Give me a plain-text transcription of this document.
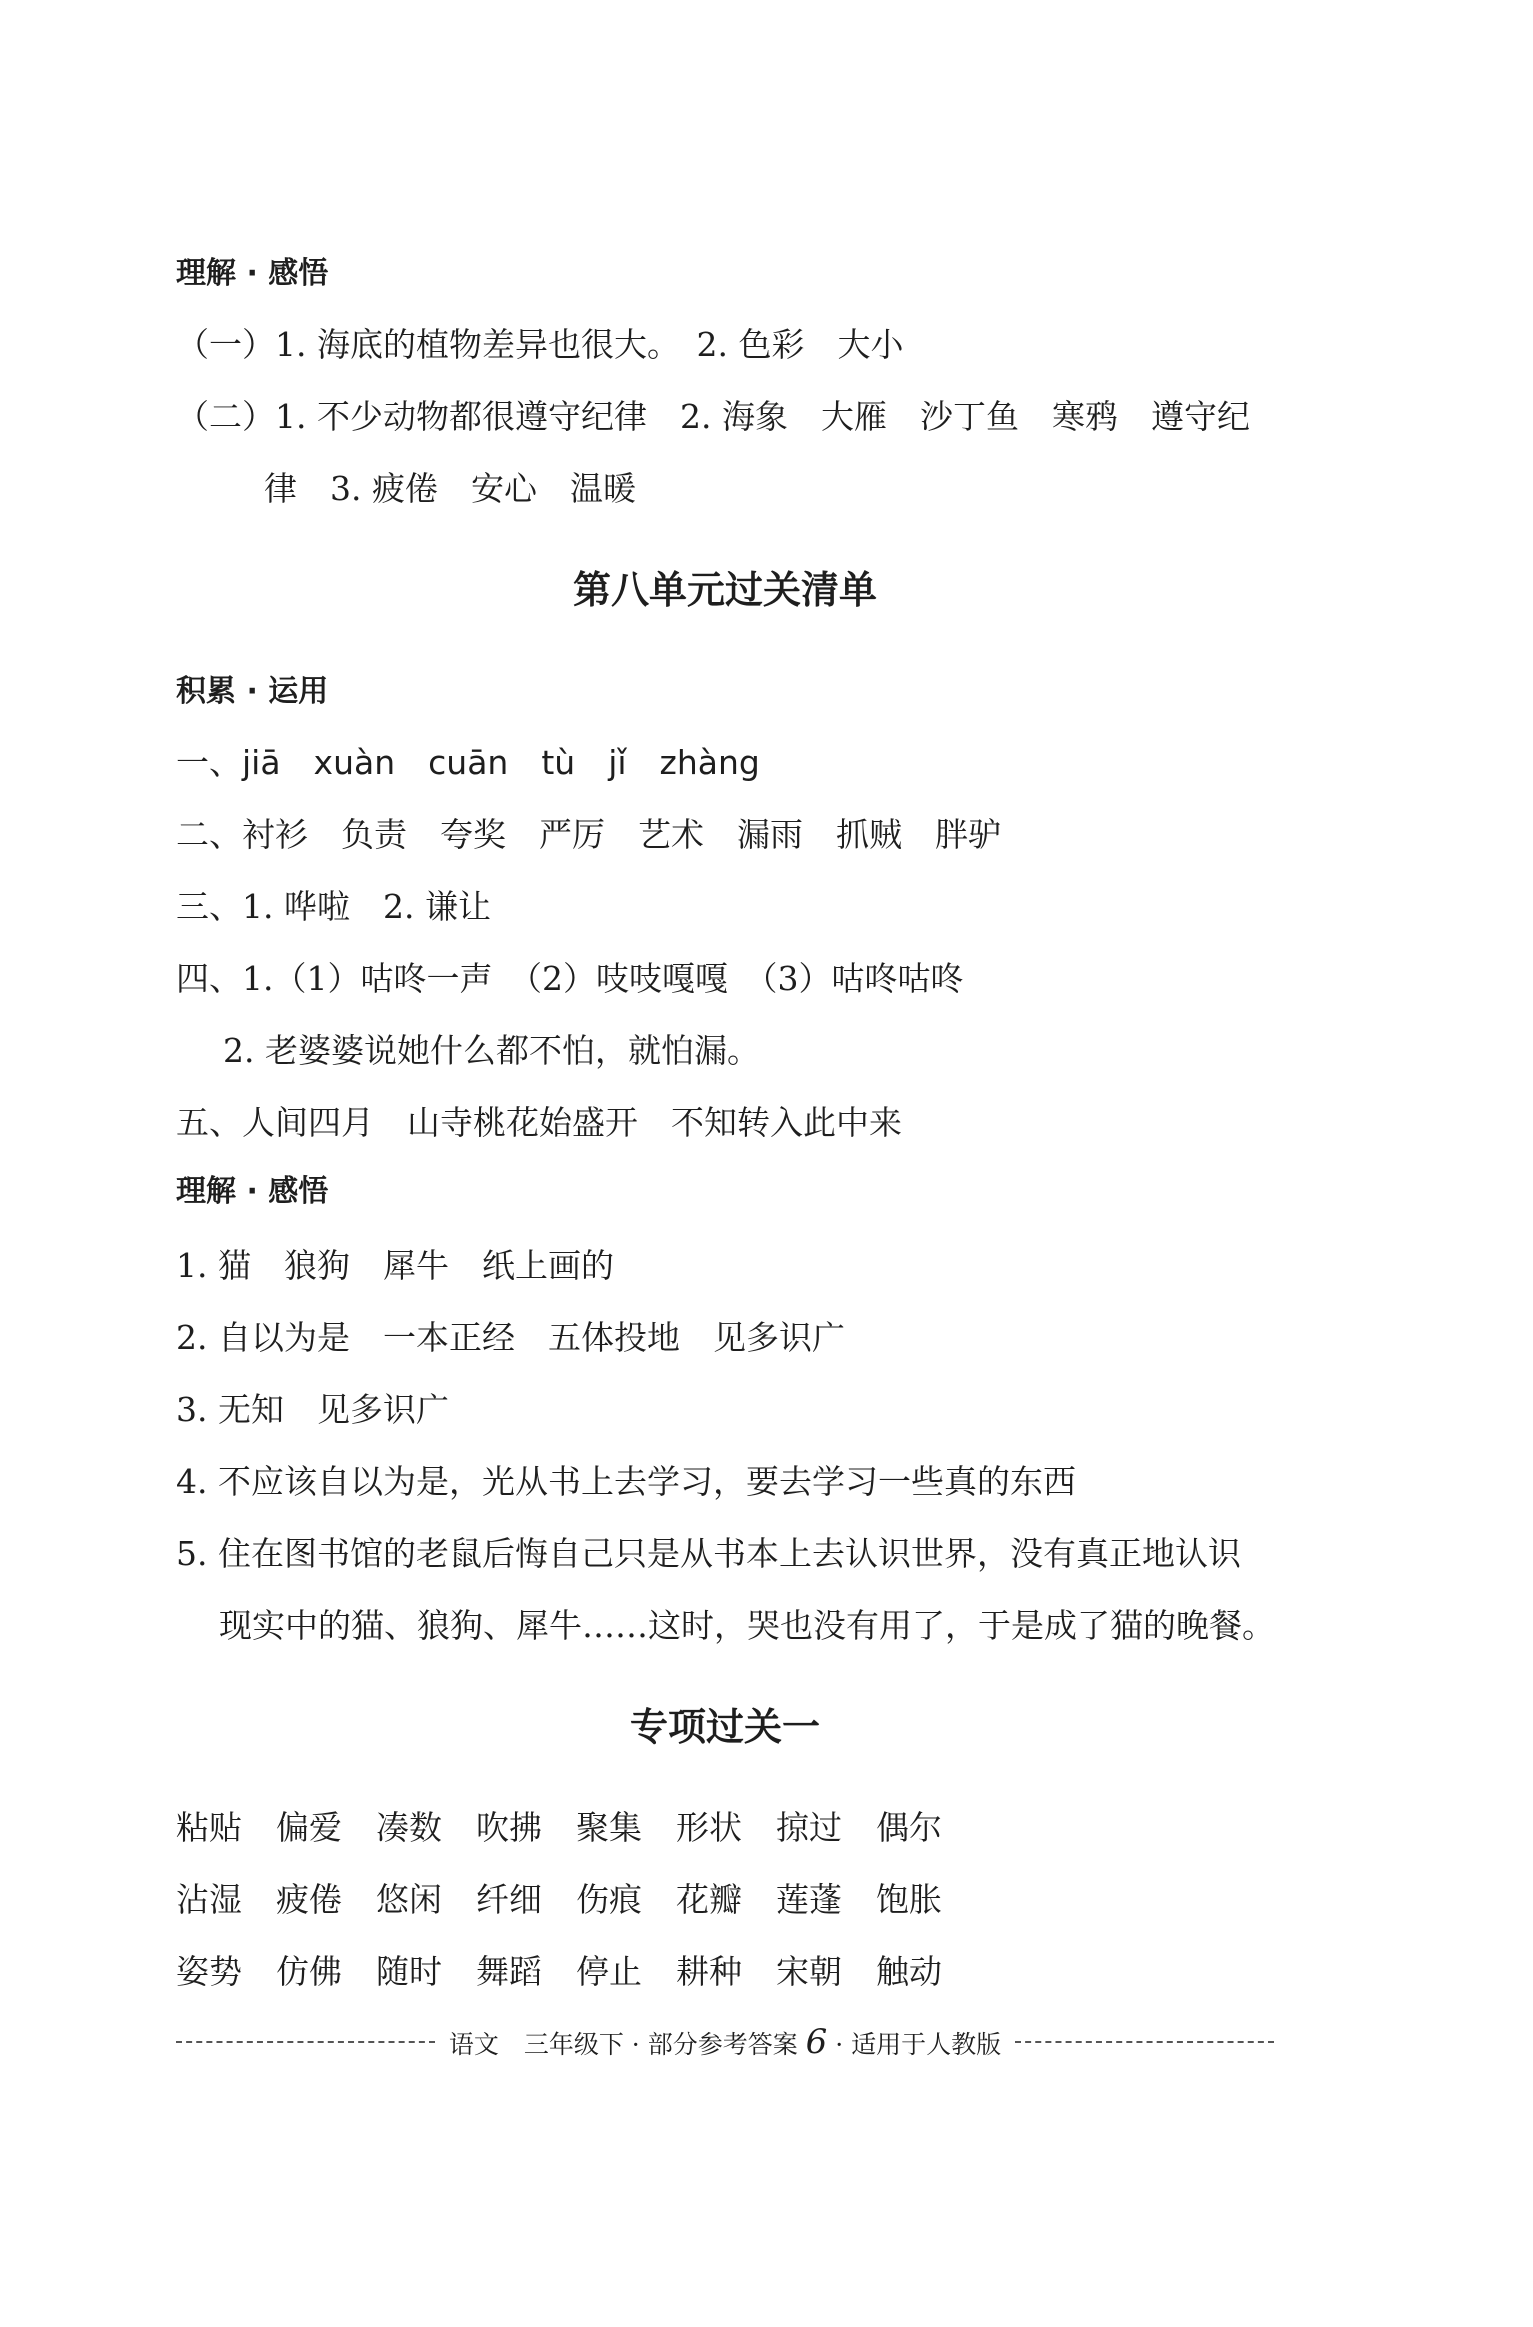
理解 · 感悟
（一）1. 海底的植物差异也很大。　2. 色彩　大小
（二）1. 不少动物都很遵守纪律　2. 海象　大雁　沙丁鱼　寒鸦　遵守纪
律　3. 疲倦　安心　温暖
第八单元过关清单
积累 · 运用
一、jiā　xuàn　cuān　tù　jǐ　zhàng
二、衬衫　负责　夸奖　严厉　艺术　漏雨　抓贼　胖驴
三、1. 哗啦　2. 谦让
四、1.（1）咕咚一声　（2）吱吱嘎嘎　（3）咕咚咕咚
2. 老婆婆说她什么都不怕，就怕漏。
五、人间四月　山寺桃花始盛开　不知转入此中来
理解 · 感悟
1. 猫　狼狗　犀牛　纸上画的
2. 自以为是　一本正经　五体投地　见多识广
3. 无知　见多识广
4. 不应该自以为是，光从书上去学习，要去学习一些真的东西
5. 住在图书馆的老鼠后悔自己只是从书本上去认识世界，没有真正地认识
现实中的猫、狼狗、犀牛……这时，哭也没有用了，于是成了猫的晚餐。
专项过关一
粘贴	偏爱	凑数	吹拂	聚集	形状	掠过	偶尔
沾湿	疲倦	悠闲	纤细	伤痕	花瓣	莲蓬	饱胀
姿势	仿佛	随时	舞蹈	停止	耕种	宋朝	触动
语文　三年级下 · 部分参考答案 6 · 适用于人教版
